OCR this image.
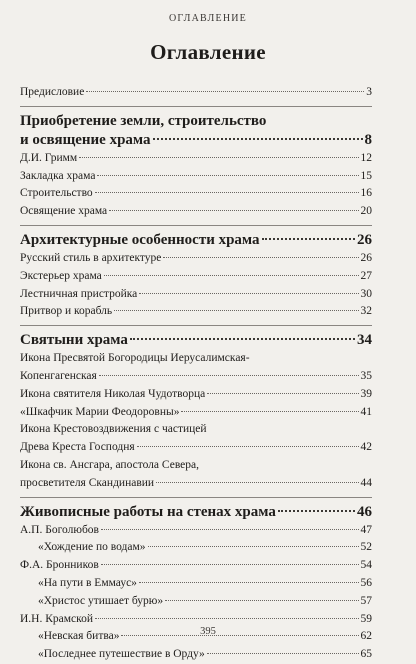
ОГЛАВЛЕНИЕ
Оглавление
Предисловие	3
Приобретение земли, строительство
и освящение храма	8
Д.И. Гримм	12
Закладка храма	15
Строительство	16
Освящение храма	20
Архитектурные особенности храма	26
Русский стиль в архитектуре	26
Экстерьер храма	27
Лестничная пристройка	30
Притвор и корабль	32
Святыни храма	34
Икона Пресвятой Богородицы Иерусалимская-
Копенгагенская	35
Икона святителя Николая Чудотворца	39
«Шкафчик Марии Феодоровны»	41
Икона Крестовоздвижения с частицей
Древа Креста Господня	42
Икона св. Ансгара, апостола Севера,
просветителя Скандинавии	44
Живописные работы на стенах храма	46
А.П. Боголюбов	47
«Хождение по водам»	52
Ф.А. Бронников	54
«На пути в Еммаус»	56
«Христос утишает бурю»	57
И.Н. Крамской	59
«Невская битва»	62
«Последнее путешествие в Орду»	65
395
